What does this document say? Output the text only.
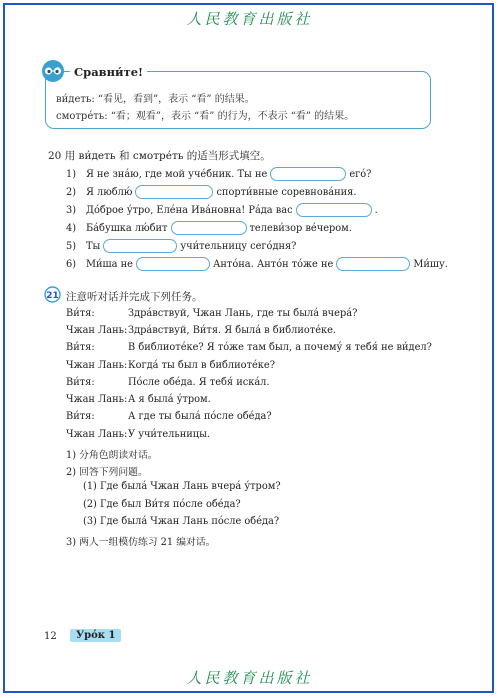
人民教育出版社
Сравни́те!
ви́деть: “看见，看到”，表示 “看” 的结果。
смотре́ть: “看；观看”，表示 “看” 的行为，不表示 “看” 的结果。
20 用 ви́деть 和 смотре́ть 的适当形式填空。
1)	Я не зна́ю, где мой уче́бник. Ты не	его́?
2)	Я люблю́	спорти́вные соревнова́ния.
3)	До́брое у́тро, Еле́на Ива́новна! Ра́да вас	.
4)	Ба́бушка лю́бит	телеви́зор ве́чером.
5)	Ты	учи́тельницу сего́дня?
6)	Ми́ша не	Анто́на. Анто́н то́же не	Ми́шу.
21 注意听对话并完成下列任务。
Ви́тя:	Здра́вствуй, Чжан Лань, где ты была́ вчера́?
Чжан Лань: Здра́вствуй, Ви́тя. Я была́ в библиоте́ке.
Ви́тя:	В библиоте́ке? Я то́же там был, а почему́ я тебя́ не ви́дел?
Чжан Лань: Когда́ ты был в библиоте́ке?
Ви́тя:	По́сле обе́да. Я тебя́ иска́л.
Чжан Лань: А я была́ у́тром.
Ви́тя:	А где ты была́ по́сле обе́да?
Чжан Лань: У учи́тельницы.
1) 分角色朗读对话。
2) 回答下列问题。
(1) Где была́ Чжан Лань вчера́ у́тром?
(2) Где был Ви́тя по́сле обе́да?
(3) Где была́ Чжан Лань по́сле обе́да?
3) 两人一组模仿练习 21 编对话。
12	Уро́к 1
人民教育出版社
